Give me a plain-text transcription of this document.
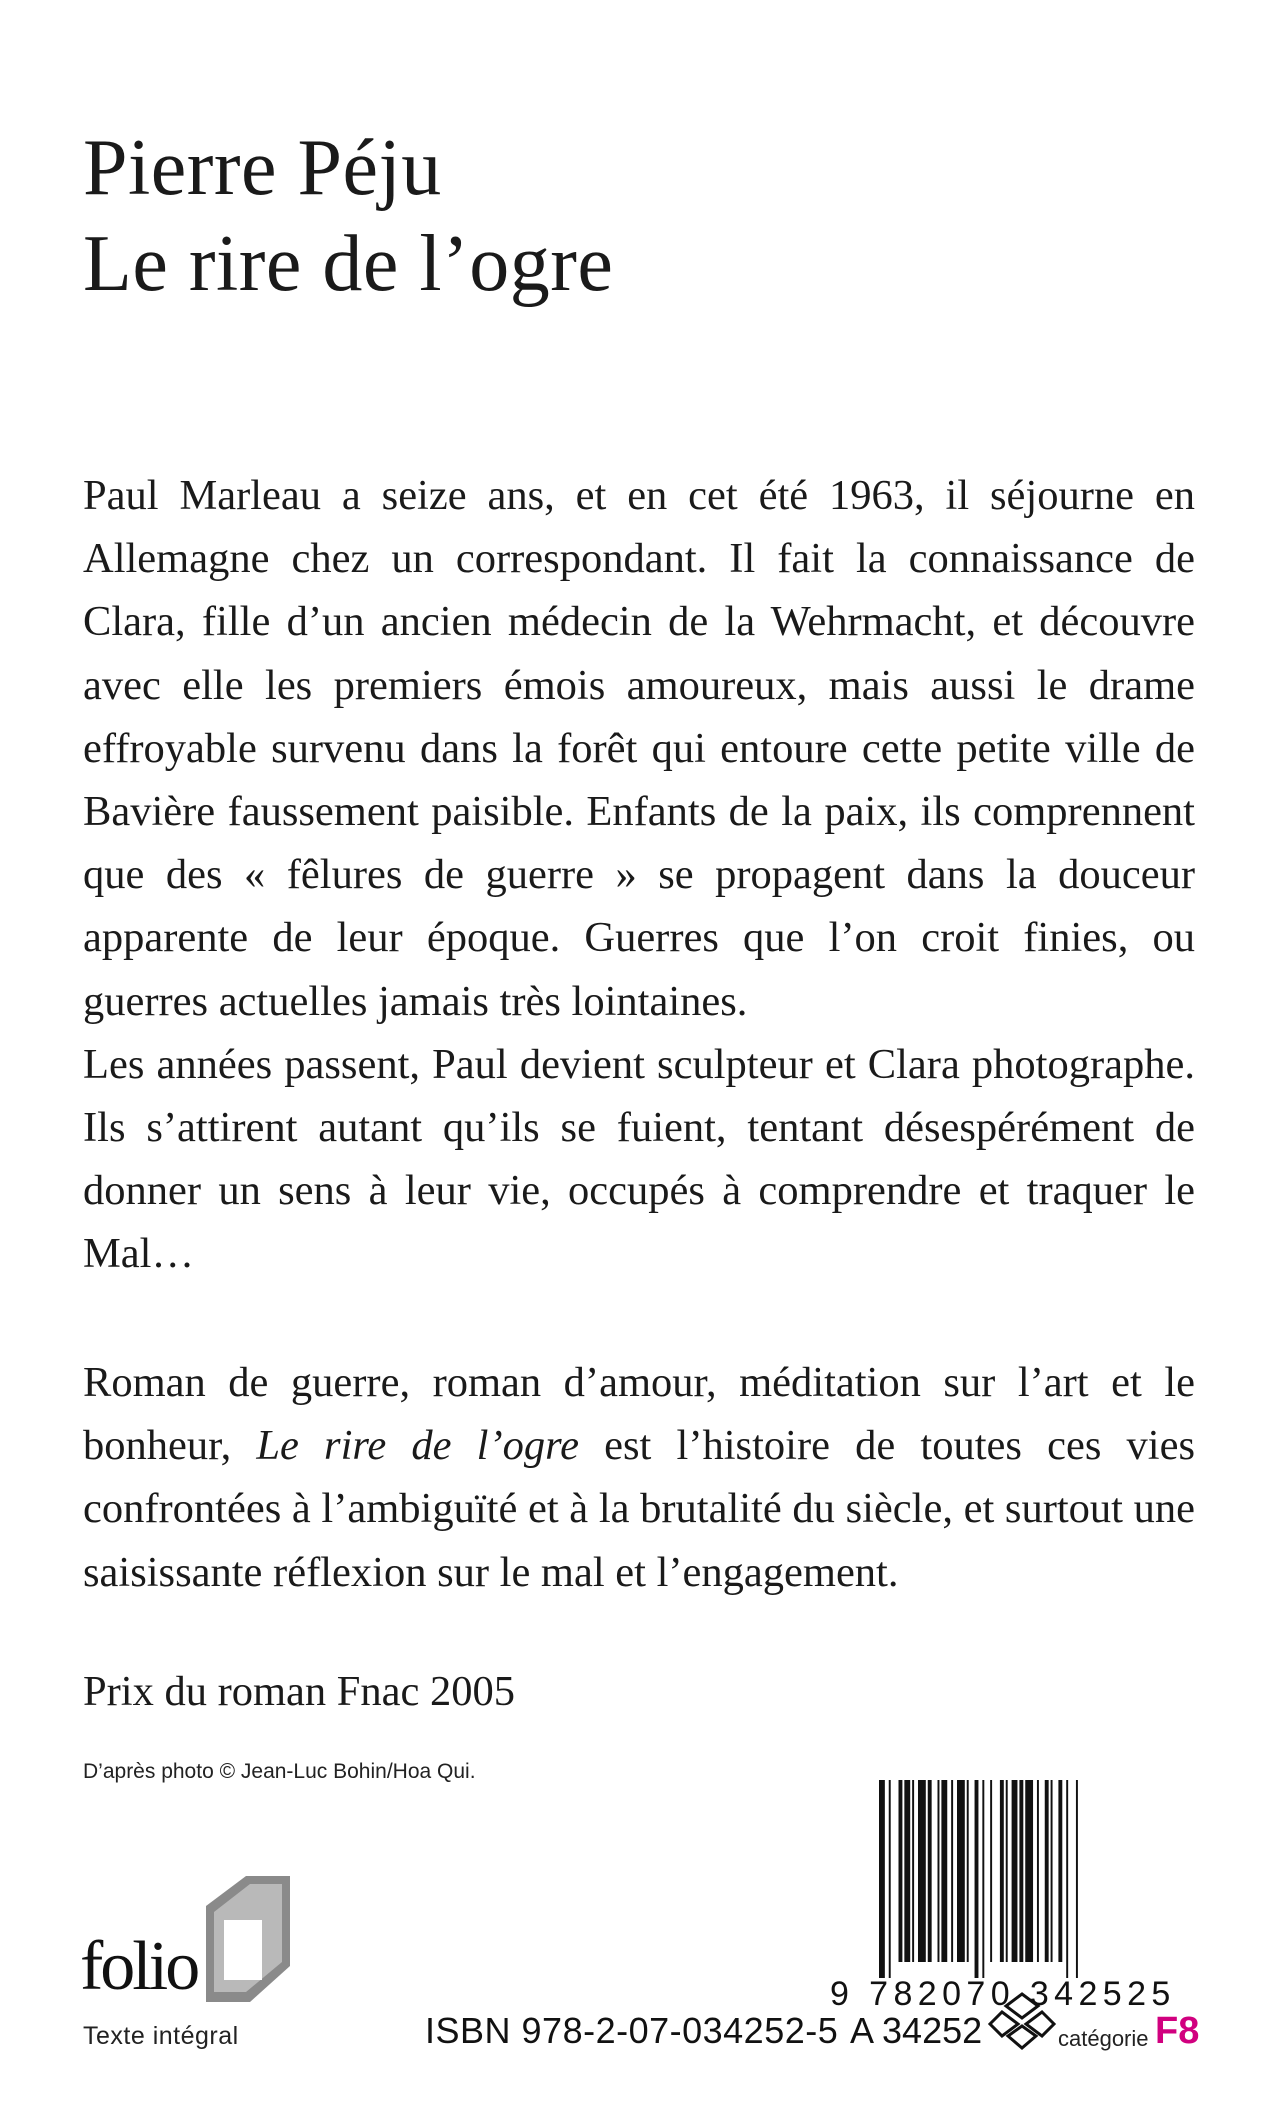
Pierre Péju
Le rire de l’ogre

Paul Marleau a seize ans, et en cet été 1963, il séjourne en Allemagne chez un correspondant. Il fait la connaissance de Clara, fille d’un ancien médecin de la Wehrmacht, et découvre avec elle les premiers émois amoureux, mais aussi le drame effroyable survenu dans la forêt qui entoure cette petite ville de Bavière faussement paisible. Enfants de la paix, ils comprennent que des « fêlures de guerre » se propagent dans la douceur apparente de leur époque. Guerres que l’on croit finies, ou guerres actuelles jamais très lointaines.
Les années passent, Paul devient sculpteur et Clara photographe. Ils s’attirent autant qu’ils se fuient, tentant désespérément de donner un sens à leur vie, occupés à comprendre et traquer le Mal…

Roman de guerre, roman d’amour, méditation sur l’art et le bonheur, Le rire de l’ogre est l’histoire de toutes ces vies confrontées à l’ambiguïté et à la brutalité du siècle, et surtout une saisissante réflexion sur le mal et l’engagement.

Prix du roman Fnac 2005

D’après photo © Jean-Luc Bohin/Hoa Qui.
folio
Texte intégral
9 782070 342525
ISBN 978-2-07-034252-5 A 34252	catégorie F8
